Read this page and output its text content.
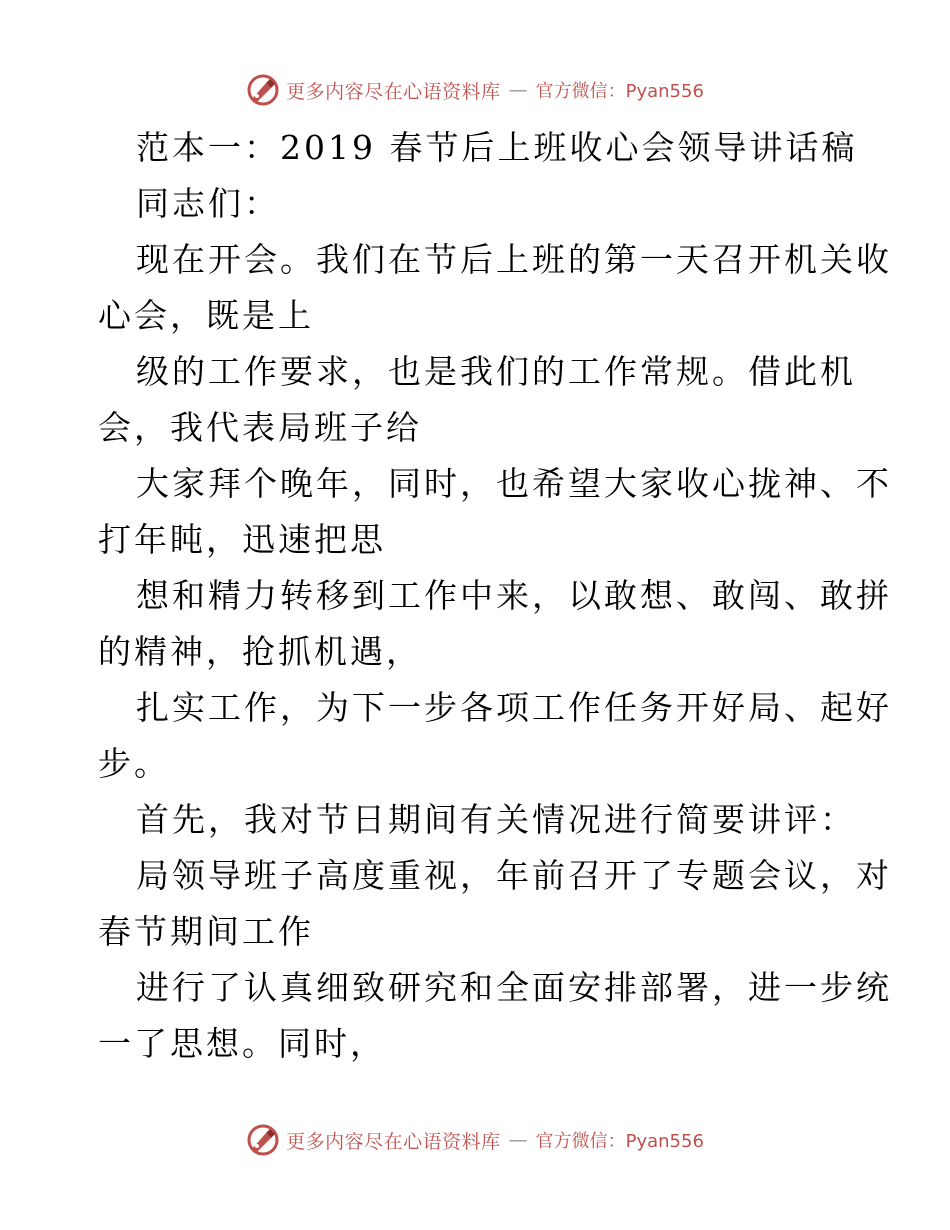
更多内容尽在心语资料库 — 官方微信：Pyan556
范本一：2019 春节后上班收心会领导讲话稿
同志们：
现在开会。我们在节后上班的第一天召开机关收
心会，既是上
级的工作要求，也是我们的工作常规。借此机
会，我代表局班子给
大家拜个晚年，同时，也希望大家收心拢神、不
打年盹，迅速把思
想和精力转移到工作中来，以敢想、敢闯、敢拼
的精神，抢抓机遇，
扎实工作，为下一步各项工作任务开好局、起好
步。
首先，我对节日期间有关情况进行简要讲评：
局领导班子高度重视，年前召开了专题会议，对
春节期间工作
进行了认真细致研究和全面安排部署，进一步统
一了思想。同时，
更多内容尽在心语资料库 — 官方微信：Pyan556
